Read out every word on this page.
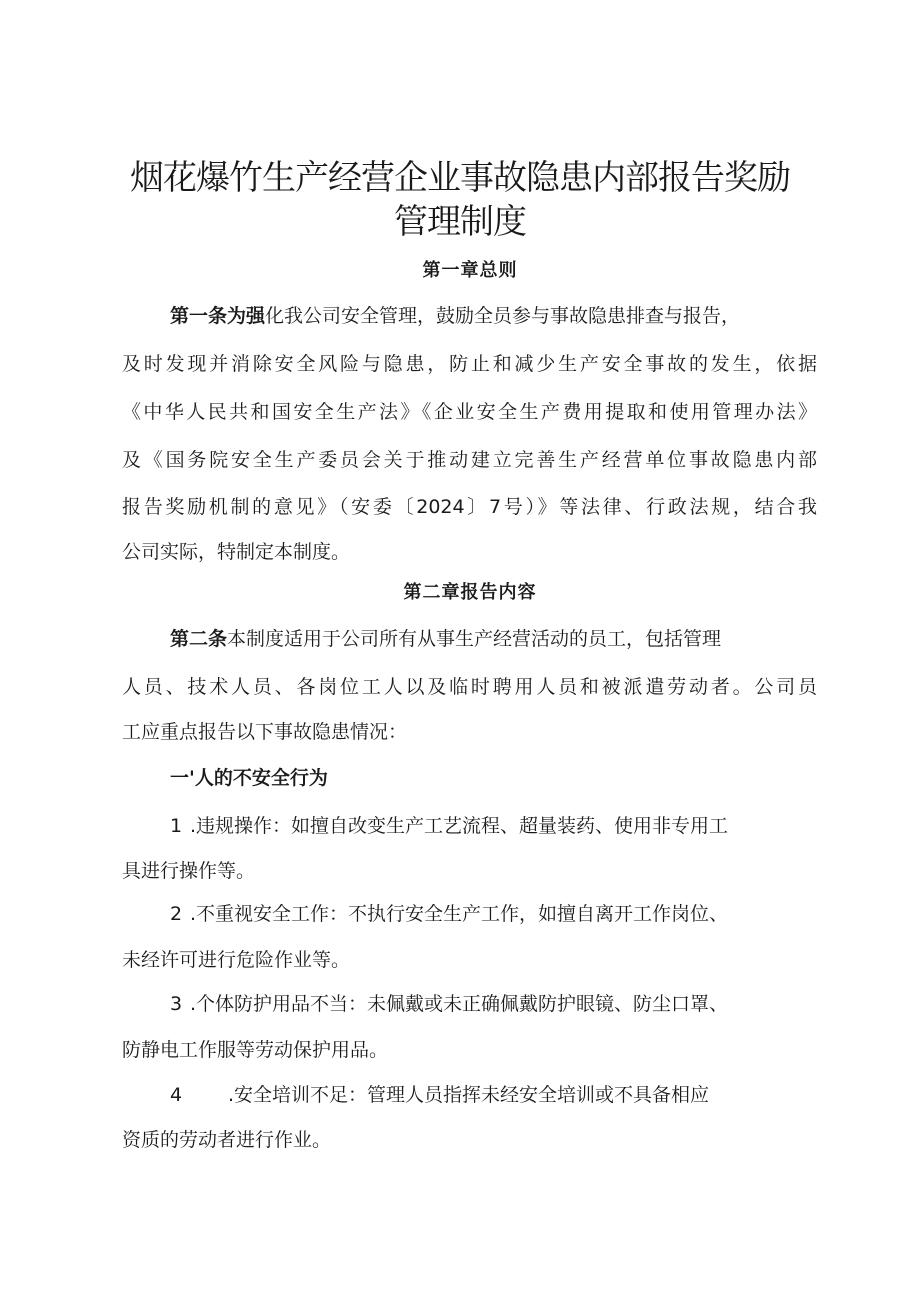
烟花爆竹生产经营企业事故隐患内部报告奖励
管理制度
第一章总则
第一条为强化我公司安全管理，鼓励全员参与事故隐患排查与报告，
及时发现并消除安全风险与隐患，防止和减少生产安全事故的发生，依据
《中华人民共和国安全生产法》《企业安全生产费用提取和使用管理办法》
及《国务院安全生产委员会关于推动建立完善生产经营单位事故隐患内部
报告奖励机制的意见》（安委〔2024〕7号）》等法律、行政法规，结合我
公司实际，特制定本制度。
第二章报告内容
第二条本制度适用于公司所有从事生产经营活动的员工，包括管理
人员、技术人员、各岗位工人以及临时聘用人员和被派遣劳动者。公司员
工应重点报告以下事故隐患情况：
一'人的不安全行为
1 .违规操作：如擅自改变生产工艺流程、超量装药、使用非专用工
具进行操作等。
2 .不重视安全工作：不执行安全生产工作，如擅自离开工作岗位、
未经许可进行危险作业等。
3 .个体防护用品不当：未佩戴或未正确佩戴防护眼镜、防尘口罩、
防静电工作服等劳动保护用品。
4 .安全培训不足：管理人员指挥未经安全培训或不具备相应
资质的劳动者进行作业。
